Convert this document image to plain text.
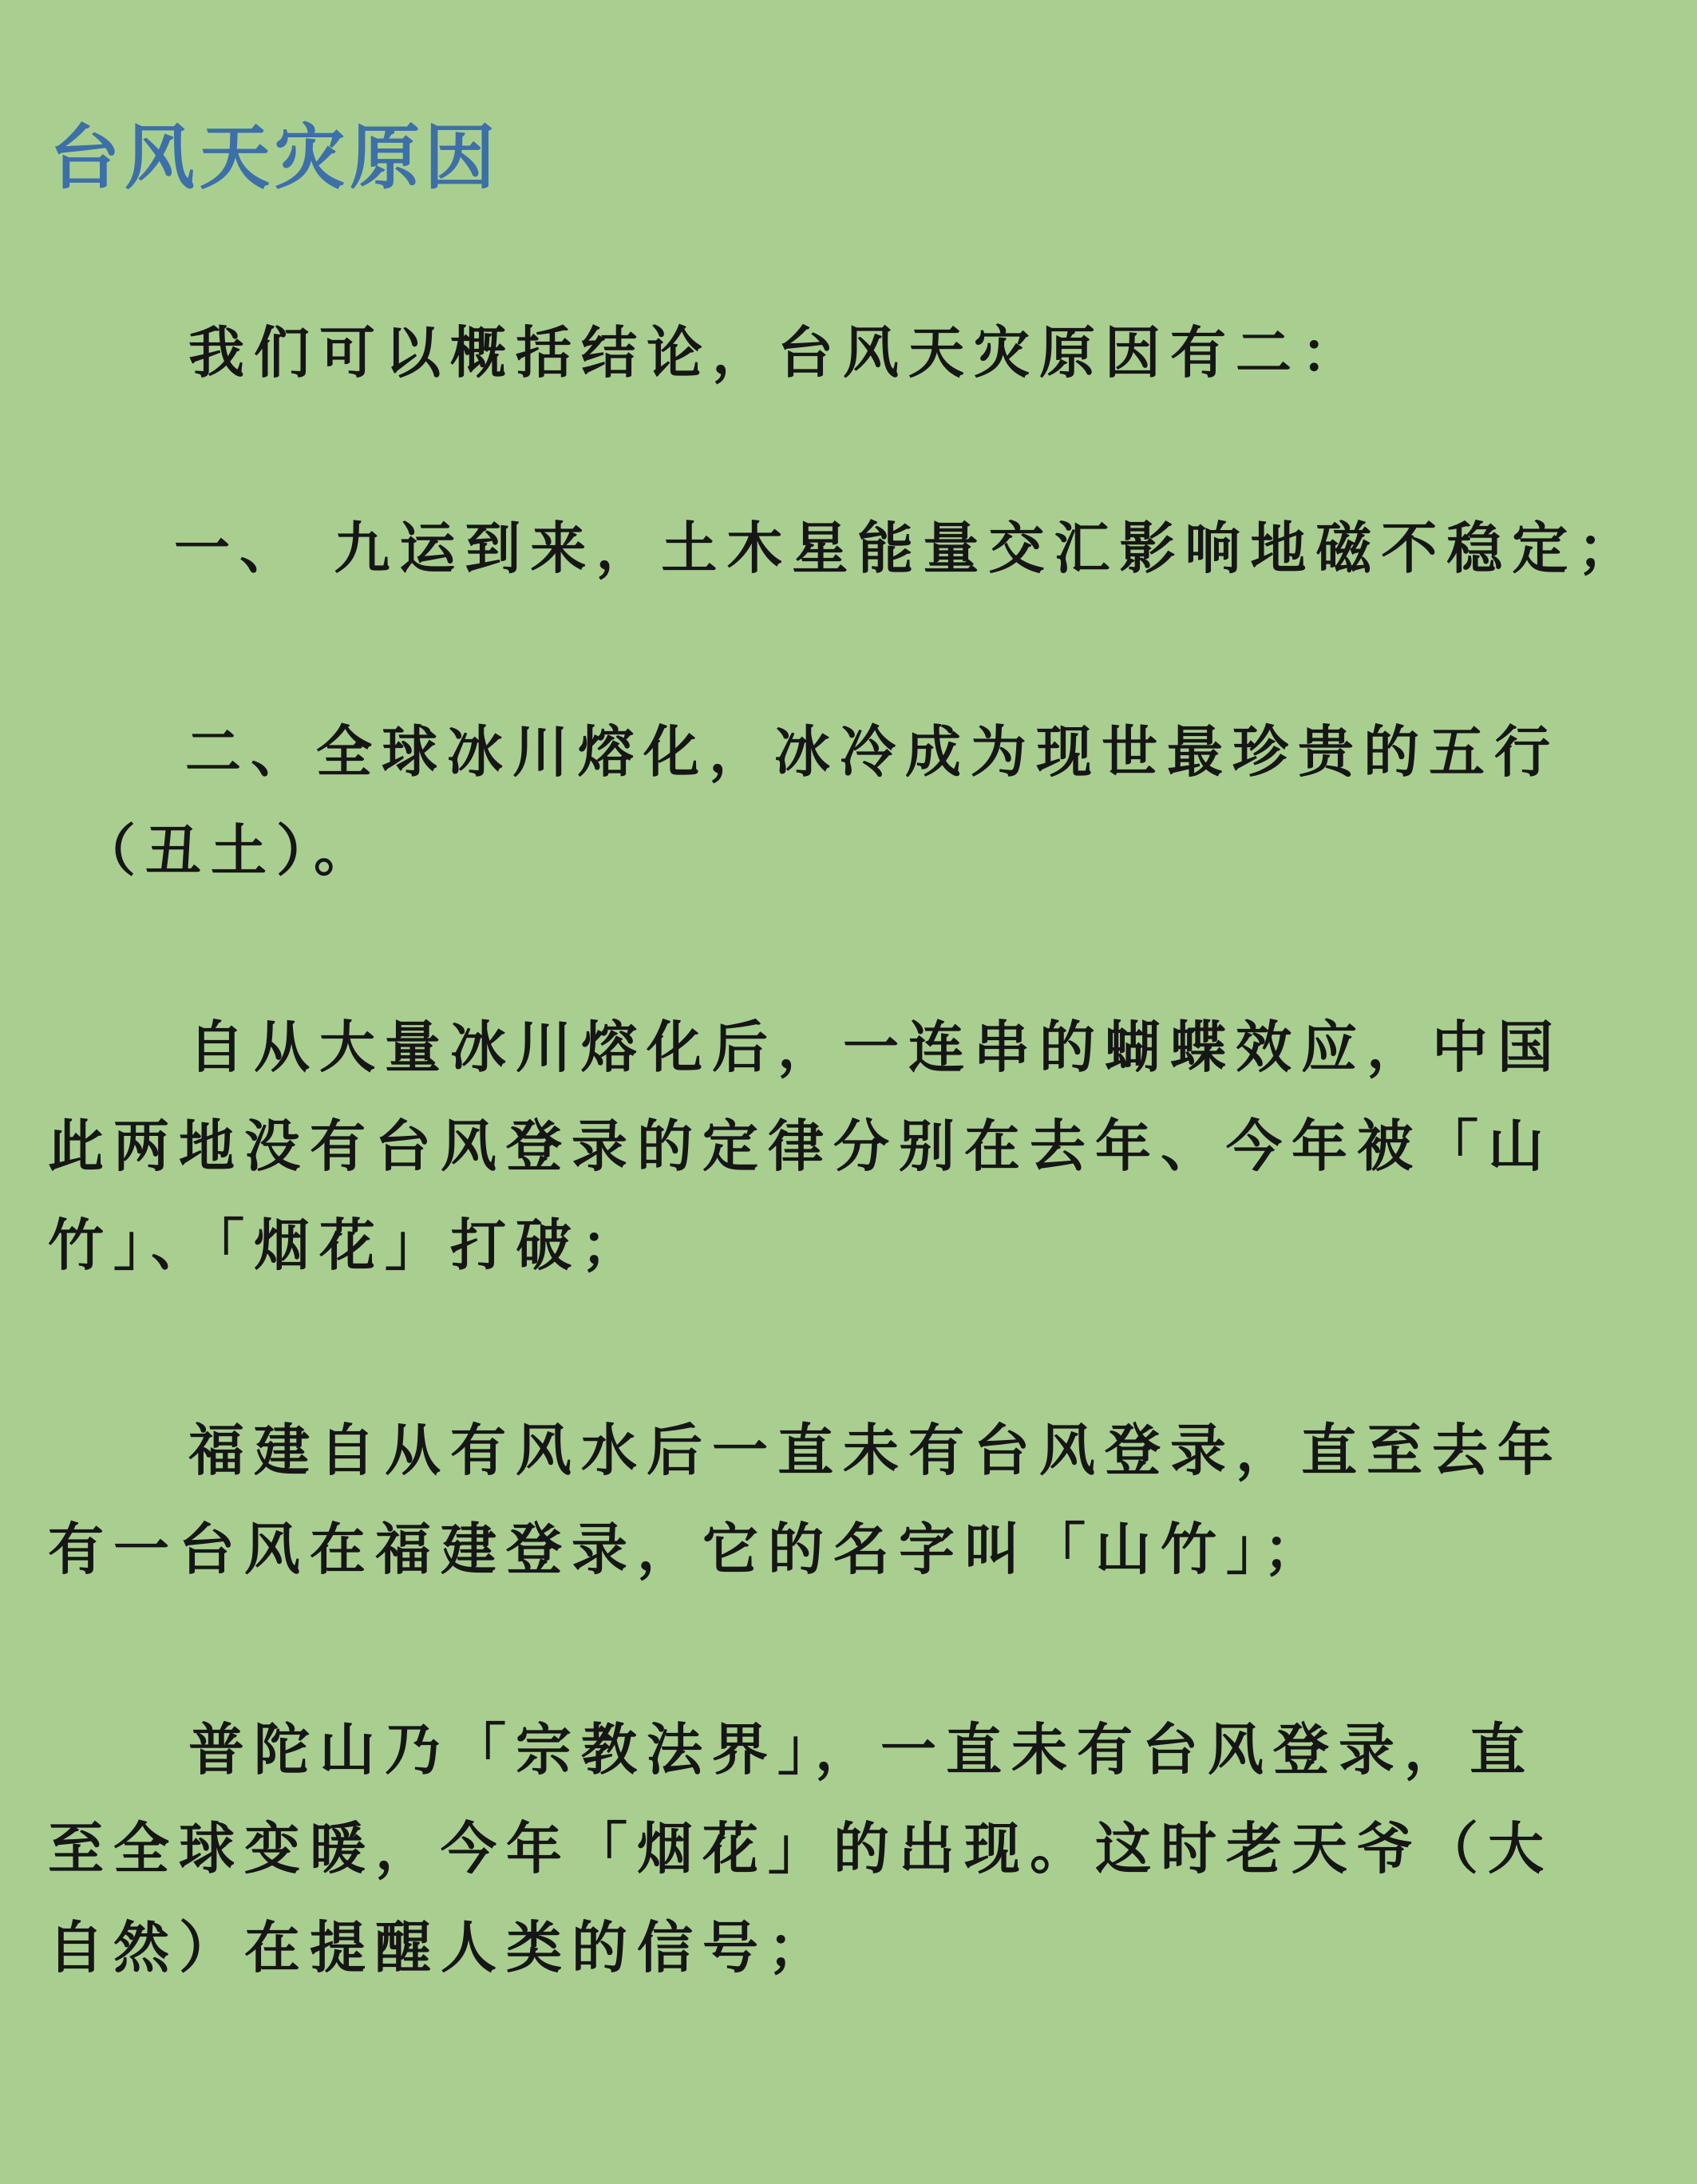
台风天灾原因
我们可以概括结论，台风天灾原因有二：
一、 九运到来，土木星能量交汇影响地磁不稳定；
二、全球冰川熔化，冰冷成为现世最珍贵的五行
（丑土）。
自从大量冰川熔化后，一连串的蝴蝶效应，中国
此两地没有台风登录的定律分别在去年、今年被「山
竹」、「烟花」打破；
福建自从有风水后一直未有台风登录，直至去年
有一台风在福建登录，它的名字叫「山竹」；
普陀山乃「宗教法界」，一直未有台风登录，直
至全球变暖，今年「烟花」的出现。这时老天爷（大
自然）在提醒人类的信号；
